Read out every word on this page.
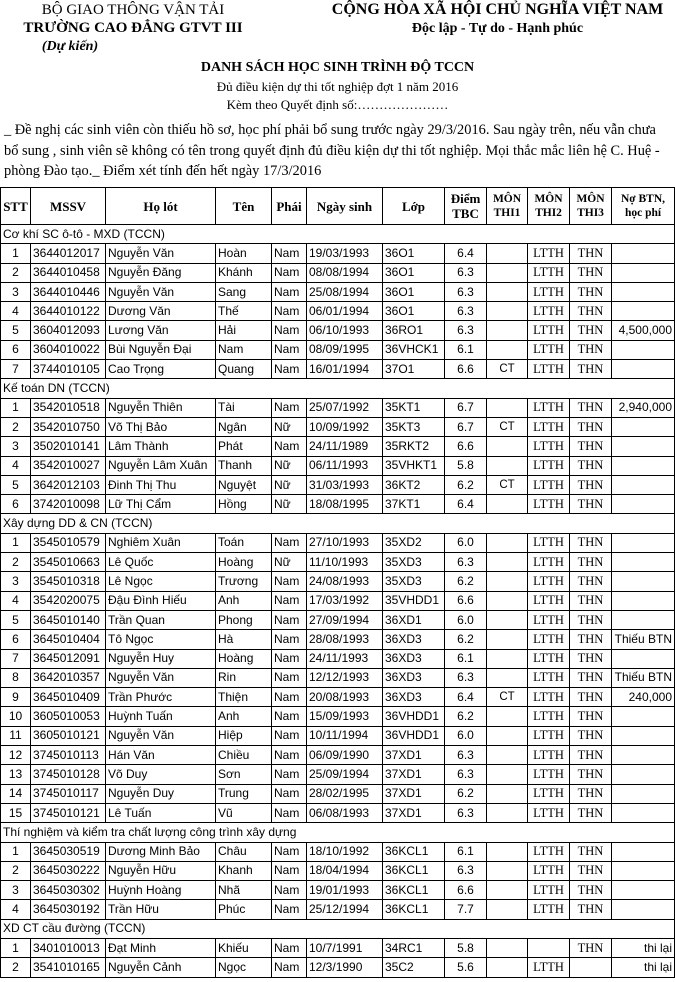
BỘ GIAO THÔNG VẬN TẢI
TRƯỜNG CAO ĐẲNG GTVT III
(Dự kiến)
CỘNG HÒA XÃ HỘI CHỦ NGHĨA VIỆT NAM
Độc lập - Tự do - Hạnh phúc
DANH SÁCH HỌC SINH TRÌNH ĐỘ TCCN
Đủ điều kiện dự thi tốt nghiệp đợt 1 năm 2016
Kèm theo Quyết định số:…………………
_ Đề nghị các sinh viên còn thiếu hồ sơ, học phí phải bổ sung trước ngày 29/3/2016. Sau ngày trên, nếu vẫn chưa bổ sung , sinh viên sẽ không có tên trong quyết định đủ điều kiện dự thi tốt nghiệp. Mọi thắc mắc liên hệ C. Huệ - phòng Đào tạo._ Điểm xét tính đến hết ngày 17/3/2016
STT	MSSV	Họ lót	Tên	Phái	Ngày sinh	Lớp	Điểm TBC	MÔN THI1	MÔN THI2	MÔN THI3	Nợ BTN, học phí
Cơ khí SC ô-tô - MXD (TCCN)											
1	3644012017	Nguyễn Văn	Hoàn	Nam	19/03/1993	36O1	6.4		LTTH	THN	
2	3644010458	Nguyễn Đăng	Khánh	Nam	08/08/1994	36O1	6.3		LTTH	THN	
3	3644010446	Nguyễn Văn	Sang	Nam	25/08/1994	36O1	6.3		LTTH	THN	
4	3644010122	Dương Văn	Thế	Nam	06/01/1994	36O1	6.3		LTTH	THN	
5	3604012093	Lương Văn	Hải	Nam	06/10/1993	36RO1	6.3		LTTH	THN	4,500,000
6	3604010022	Bùi Nguyễn Đại	Nam	Nam	08/09/1995	36VHCK1	6.1		LTTH	THN	
7	3744010105	Cao Trọng	Quang	Nam	16/01/1994	37O1	6.6	CT	LTTH	THN	
Kế toán DN (TCCN)											
1	3542010518	Nguyễn Thiên	Tài	Nam	25/07/1992	35KT1	6.7		LTTH	THN	2,940,000
2	3542010750	Võ Thị Bảo	Ngân	Nữ	10/09/1992	35KT3	6.7	CT	LTTH	THN	
3	3502010141	Lâm Thành	Phát	Nam	24/11/1989	35RKT2	6.6		LTTH	THN	
4	3542010027	Nguyễn Lâm Xuân	Thanh	Nữ	06/11/1993	35VHKT1	5.8		LTTH	THN	
5	3642012103	Đinh Thị Thu	Nguyệt	Nữ	31/03/1993	36KT2	6.2	CT	LTTH	THN	
6	3742010098	Lữ Thị Cẩm	Hồng	Nữ	18/08/1995	37KT1	6.4		LTTH	THN	
Xây dựng DD & CN (TCCN)											
1	3545010579	Nghiêm Xuân	Toán	Nam	27/10/1993	35XD2	6.0		LTTH	THN	
2	3545010663	Lê Quốc	Hoàng	Nữ	11/10/1993	35XD3	6.3		LTTH	THN	
3	3545010318	Lê Ngọc	Trương	Nam	24/08/1993	35XD3	6.2		LTTH	THN	
4	3542020075	Đậu Đình Hiếu	Anh	Nam	17/03/1992	35VHDD1	6.6		LTTH	THN	
5	3645010140	Trần Quan	Phong	Nam	27/09/1994	36XD1	6.0		LTTH	THN	
6	3645010404	Tô Ngọc	Hà	Nam	28/08/1993	36XD3	6.2		LTTH	THN	Thiếu BTN
7	3645012091	Nguyễn Huy	Hoàng	Nam	24/11/1993	36XD3	6.1		LTTH	THN	
8	3642010357	Nguyễn Văn	Rin	Nam	12/12/1993	36XD3	6.3		LTTH	THN	Thiếu BTN
9	3645010409	Trần Phước	Thiện	Nam	20/08/1993	36XD3	6.4	CT	LTTH	THN	240,000
10	3605010053	Huỳnh Tuấn	Anh	Nam	15/09/1993	36VHDD1	6.2		LTTH	THN	
11	3605010121	Nguyễn Văn	Hiệp	Nam	10/11/1994	36VHDD1	6.0		LTTH	THN	
12	3745010113	Hán Văn	Chiều	Nam	06/09/1990	37XD1	6.3		LTTH	THN	
13	3745010128	Võ Duy	Sơn	Nam	25/09/1994	37XD1	6.3		LTTH	THN	
14	3745010117	Nguyễn Duy	Trung	Nam	28/02/1995	37XD1	6.2		LTTH	THN	
15	3745010121	Lê Tuấn	Vũ	Nam	06/08/1993	37XD1	6.3		LTTH	THN	
Thí nghiệm và kiểm tra chất lượng công trình xây dựng											
1	3645030519	Dương Minh Bảo	Châu	Nam	18/10/1992	36KCL1	6.1		LTTH	THN	
2	3645030222	Nguyễn Hữu	Khanh	Nam	18/04/1994	36KCL1	6.3		LTTH	THN	
3	3645030302	Huỳnh Hoàng	Nhã	Nam	19/01/1993	36KCL1	6.6		LTTH	THN	
4	3645030192	Trần Hữu	Phúc	Nam	25/12/1994	36KCL1	7.7		LTTH	THN	
XD CT cầu đường (TCCN)											
1	3401010013	Đạt Minh	Khiếu	Nam	10/7/1991	34RC1	5.8			THN	thi lại
2	3541010165	Nguyễn Cảnh	Ngọc	Nam	12/3/1990	35C2	5.6		LTTH		thi lại
